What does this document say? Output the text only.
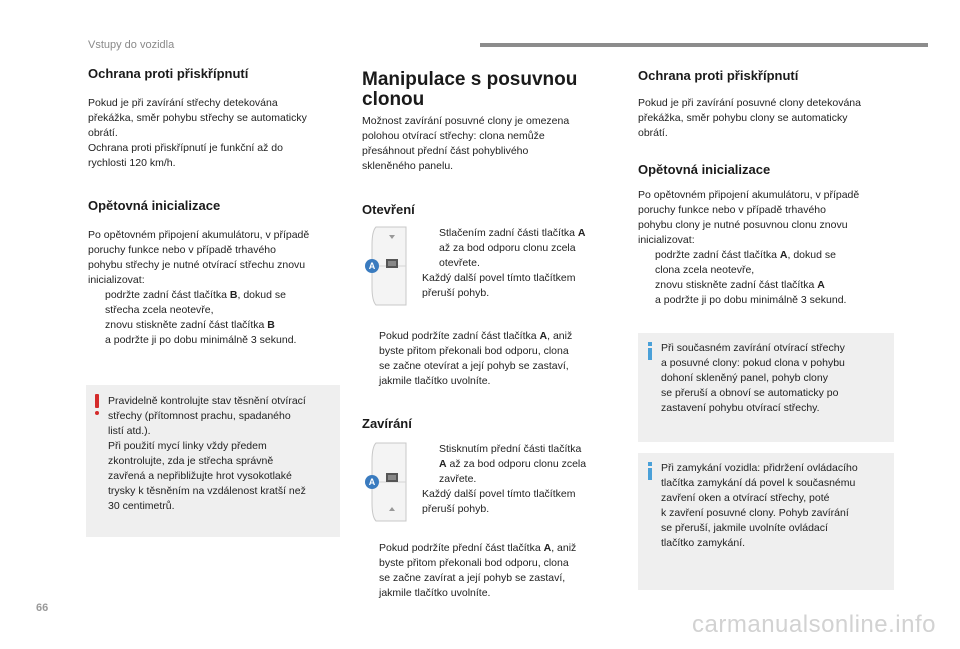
Vstupy do vozidla
Ochrana proti přiskřípnutí

Pokud je při zavírání střechy detekována

překážka, směr pohybu střechy se automaticky

obrátí.

Ochrana proti přiskřípnutí je funkční až do

rychlosti 120 km/h.

Opětovná inicializace

Po opětovném připojení akumulátoru, v případě

poruchy funkce nebo v případě trhavého

pohybu střechy je nutné otvírací střechu znovu

inicializovat:

podržte zadní část tlačítka B, dokud se

střecha zcela neotevře,

znovu stiskněte zadní část tlačítka B

a podržte ji po dobu minimálně 3 sekund.

Pravidelně kontrolujte stav těsnění otvírací
střechy (přítomnost prachu, spadaného
listí atd.).
Při použití mycí linky vždy předem
zkontrolujte, zda je střecha správně
zavřená a nepřibližujte hrot vysokotlaké
trysky k těsněním na vzdálenost kratší než
30 centimetrů.
Manipulace s posuvnou
clonou

Možnost zavírání posuvné clony je omezena

polohou otvírací střechy: clona nemůže

přesáhnout přední část pohyblivého

skleněného panelu.

Otevření
A
Stlačením zadní části tlačítka A

až za bod odporu clonu zcela

otevřete.

Každý další povel tímto tlačítkem

přeruší pohyb.

Pokud podržíte zadní část tlačítka A, aniž

byste přitom překonali bod odporu, clona

se začne otevírat a její pohyb se zastaví,

jakmile tlačítko uvolníte.

Zavírání
A
Stisknutím přední části tlačítka

A až za bod odporu clonu zcela

zavřete.

Každý další povel tímto tlačítkem

přeruší pohyb.

Pokud podržíte přední část tlačítka A, aniž

byste přitom překonali bod odporu, clona

se začne zavírat a její pohyb se zastaví,

jakmile tlačítko uvolníte.

Ochrana proti přiskřípnutí

Pokud je při zavírání posuvné clony detekována

překážka, směr pohybu clony se automaticky

obrátí.

Opětovná inicializace

Po opětovném připojení akumulátoru, v případě

poruchy funkce nebo v případě trhavého

pohybu clony je nutné posuvnou clonu znovu

inicializovat:

podržte zadní část tlačítka A, dokud se

clona zcela neotevře,

znovu stiskněte zadní část tlačítka A

a podržte ji po dobu minimálně 3 sekund.

Při současném zavírání otvírací střechy
a posuvné clony: pokud clona v pohybu
dohoní skleněný panel, pohyb clony
se přeruší a obnoví se automaticky po
zastavení pohybu otvírací střechy.
Při zamykání vozidla: přidržení ovládacího
tlačítka zamykání dá povel k současnému
zavření oken a otvírací střechy, poté
k zavření posuvné clony. Pohyb zavírání
se přeruší, jakmile uvolníte ovládací
tlačítko zamykání.
66
carmanualsonline.info
